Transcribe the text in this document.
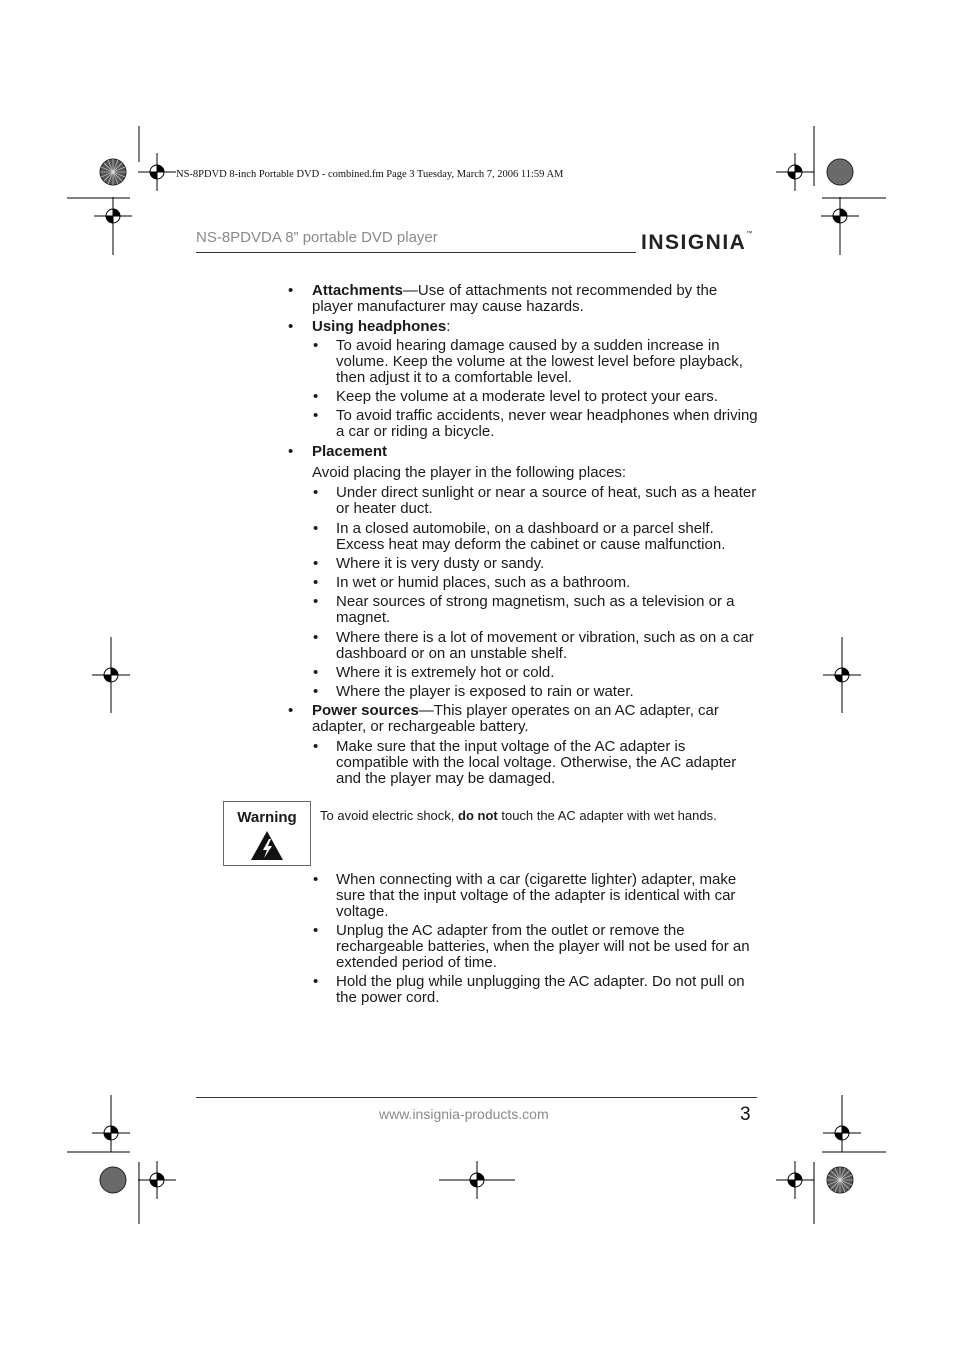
NS-8PDVD 8-inch Portable DVD - combined.fm Page 3 Tuesday, March 7, 2006 11:59 AM
NS-8PDVDA 8” portable DVD player	INSIGNIA™
• Attachments—Use of attachments not recommended by the player manufacturer may cause hazards.
• Using headphones:
• To avoid hearing damage caused by a sudden increase in volume. Keep the volume at the lowest level before playback, then adjust it to a comfortable level.
• Keep the volume at a moderate level to protect your ears.
• To avoid traffic accidents, never wear headphones when driving a car or riding a bicycle.
• Placement
Avoid placing the player in the following places:
• Under direct sunlight or near a source of heat, such as a heater or heater duct.
• In a closed automobile, on a dashboard or a parcel shelf. Excess heat may deform the cabinet or cause malfunction.
• Where it is very dusty or sandy.
• In wet or humid places, such as a bathroom.
• Near sources of strong magnetism, such as a television or a magnet.
• Where there is a lot of movement or vibration, such as on a car dashboard or on an unstable shelf.
• Where it is extremely hot or cold.
• Where the player is exposed to rain or water.
• Power sources—This player operates on an AC adapter, car adapter, or rechargeable battery.
• Make sure that the input voltage of the AC adapter is compatible with the local voltage. Otherwise, the AC adapter and the player may be damaged.
Warning	To avoid electric shock, do not touch the AC adapter with wet hands.
• When connecting with a car (cigarette lighter) adapter, make sure that the input voltage of the adapter is identical with car voltage.
• Unplug the AC adapter from the outlet or remove the rechargeable batteries, when the player will not be used for an extended period of time.
• Hold the plug while unplugging the AC adapter. Do not pull on the power cord.
www.insignia-products.com	3
